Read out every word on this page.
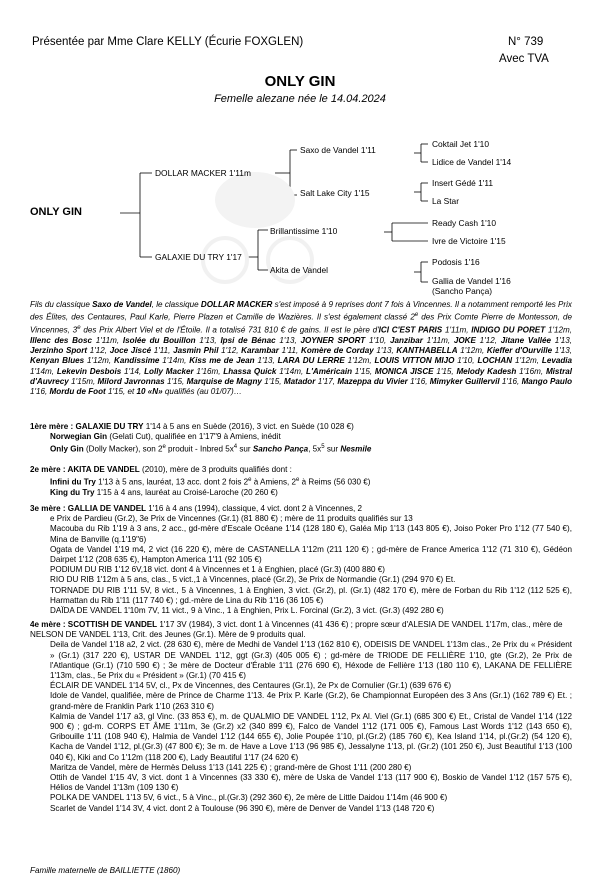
Présentée par Mme Clare KELLY (Écurie FOXGLEN)	N° 739
Avec TVA
ONLY GIN
Femelle alezane née le 14.04.2024
ONLY GIN
DOLLAR MACKER 1'11m
GALAXIE DU TRY 1'17
Saxo de Vandel 1'11
Salt Lake City 1'15
Brillantissime 1'10
Akita de Vandel
Coktail Jet 1'10
Lidice de Vandel 1'14
Insert Gédé 1'11
La Star
Ready Cash 1'10
Ivre de Victoire 1'15
Podosis 1'16
Gallia de Vandel 1'16
(Sancho Pança)
Fils du classique Saxo de Vandel, le classique DOLLAR MACKER s'est imposé à 9 reprises dont 7 fois à Vincennes. Il a notamment remporté les Prix des Élites, des Centaures, Paul Karle, Pierre Plazen et Camille de Wazières. Il s'est également classé 2e des Prix Comte Pierre de Montesson, de Vincennes, 3e des Prix Albert Viel et de l'Étoile. Il a totalisé 731 810 € de gains. Il est le père d'ICI C'EST PARIS 1'11m, INDIGO DU PORET 1'12m, Illenc des Bosc 1'11m, Isolée du Bouillon 1'13, Ipsi de Bénac 1'13, JOYNER SPORT 1'10, Janzibar 1'11m, JOKE 1'12, Jitane Vallée 1'13, Jerzinho Sport 1'12, Joce Jiscé 1'11, Jasmin Phil 1'12, Karambar 1'11, Komère de Corday 1'13, KANTHABELLA 1'12m, Kieffer d'Ourville 1'13, Kenyan Blues 1'12m, Kandissime 1'14m, Kiss me de Jean 1'13, LARA DU LERRE 1'12m, LOUIS VITTON MIJO 1'10, LOCHAN 1'12m, Levadia 1'14m, Lekevin Desbois 1'14, Lolly Macker 1'16m, Lhassa Quick 1'14m, L'Américain 1'15, MONICA JISCE 1'15, Melody Kadesh 1'16m, Mistral d'Auvrecy 1'15m, Milord Javronnas 1'15, Marquise de Magny 1'15, Matador 1'17, Mazeppa du Vivier 1'16, Mimyker Guillervil 1'16, Mango Paulo 1'16, Mordu de Foot 1'15, et 10 «N» qualifiés (au 01/07)…

1ère mère : GALAXIE DU TRY 1'14 à 5 ans en Suède (2016), 3 vict. en Suède (10 028 €)

Norwegian Gin (Gelati Cut), qualifiée en 1'17"9 à Amiens, inédit

Only Gin (Dolly Macker), son 2e produit - Inbred $5x^4$ sur Sancho Pança, $5x^5$ sur Nesmile

2e mère : AKITA DE VANDEL (2010), mère de 3 produits qualifiés dont :

Infini du Try 1'13 à 5 ans, lauréat, 13 acc. dont 2 fois 2e à Amiens, 2e à Reims (56 030 €)

King du Try 1'15 à 4 ans, lauréat au Croisé-Laroche (20 260 €)

3e mère : GALLIA DE VANDEL 1'16 à 4 ans (1994), classique, 4 vict. dont 2 à Vincennes, 2

e Prix de Pardieu (Gr.2), 3e Prix de Vincennes (Gr.1) (81 880 €) ; mère de 11 produits qualifiés sur 13

Macouba du Rib 1'19 à 3 ans, 2 acc., gd-mère d'Escale Océane 1'14 (128 180 €), Galéa Mip 1'13 (143 805 €), Joiso Poker Pro 1'12 (77 540 €), Mina de Banville (q.1'19"6)

Ogata de Vandel 1'19 m4, 2 vict (16 220 €), mère de CASTANELLA 1'12m (211 120 €) ; gd-mère de France America 1'12 (71 310 €), Gédéon Dairpet 1'12 (208 635 €), Hampton America 1'11 (92 105 €)

PODIUM DU RIB 1'12 6V,18 vict. dont 4 à Vincennes et 1 à Enghien, placé (Gr.3) (400 880 €)

RIO DU RIB 1'12m à 5 ans, clas., 5 vict.,1 à Vincennes, placé (Gr.2), 3e Prix de Normandie (Gr.1) (294 970 €) Et.

TORNADE DU RIB 1'11 5V, 8 vict., 5 à Vincennes, 1 à Enghien, 3 vict. (Gr.2), pl. (Gr.1) (482 170 €), mère de Forban du Rib 1'12 (112 525 €), Harmattan du Rib 1'11 (117 740 €) ; gd.-mère de Lina du Rib 1'16 (36 105 €)

DAÏDA DE VANDEL 1'10m 7V, 11 vict., 9 à Vinc., 1 à Enghien, Prix L. Forcinal (Gr.2), 3 vict. (Gr.3) (492 280 €)

4e mère : SCOTTISH DE VANDEL 1'17 3V (1984), 3 vict. dont 1 à Vincennes (41 436 €) ; propre sœur d'ALESIA DE VANDEL 1'17m, clas., mère de NELSON DE VANDEL 1'13, Crit. des Jeunes (Gr.1). Mère de 9 produits qual.

Deila de Vandel 1'18 a2, 2 vict. (28 630 €), mère de Medhi de Vandel 1'13 (162 810 €), ODEISIS DE VANDEL 1'13m clas., 2e Prix du « Président » (Gr.1) (317 220 €), USTAR DE VANDEL 1'12, ggt (Gr.3) (405 005 €) ; gd-mère de TRIODE DE FELLIÈRE 1'10, gte (Gr.2), 2e Prix de l'Atlantique (Gr.1) (710 590 €) ; 3e mère de Docteur d'Érable 1'11 (276 690 €), Héxode de Fellière 1'13 (180 110 €), LAKANA DE FELLIÈRE 1'13m, clas., 5e Prix du « Président » (Gr.1) (70 415 €)

ÉCLAIR DE VANDEL 1'14 5V, cl., Px de Vincennes, des Centaures (Gr.1), 2e Px de Cornulier (Gr.1) (639 676 €)

Idole de Vandel, qualifiée, mère de Prince de Charme 1'13. 4e Prix P. Karle (Gr.2), 6e Championnat Européen des 3 Ans (Gr.1) (162 789 €) Et. ; grand-mère de Franklin Park 1'10 (263 310 €)

Kalmia de Vandel 1'17 a3, gl Vinc. (33 853 €), m. de QUALMIO DE VANDEL 1'12, Px Al. Viel (Gr.1) (685 300 €) Et., Cristal de Vandel 1'14 (122 900 €) ; gd-m. CORPS ET ÂME 1'11m, 3e (Gr.2) x2 (340 899 €), Falco de Vandel 1'12 (171 005 €), Famous Last Words 1'12 (143 650 €), Gribouille 1'11 (108 940 €), Halmia de Vandel 1'12 (144 655 €), Jolie Poupée 1'10, pl.(Gr.2) (185 760 €), Kea Island 1'14, pl.(Gr.2) (54 120 €), Kacha de Vandel 1'12, pl.(Gr.3) (47 800 €); 3e m. de Have a Love 1'13 (96 985 €), Jessalyne 1'13, pl. (Gr.2) (101 250 €), Just Beautiful 1'13 (100 040 €), Kiki and Co 1'12m (118 200 €), Lady Beautiful 1'17 (24 620 €)

Maritza de Vandel, mère de Hermès Deluss 1'13 (141 225 €) ; grand-mère de Ghost 1'11 (200 280 €)

Ottih de Vandel 1'15 4V, 3 vict. dont 1 à Vincennes (33 330 €), mère de Uska de Vandel 1'13 (117 900 €), Boskio de Vandel 1'12 (157 575 €), Hélios de Vandel 1'13m (109 130 €)

POLKA DE VANDEL 1'13 5V, 6 vict., 5 à Vinc., pl.(Gr.3) (292 360 €), 2e mère de Little Daidou 1'14m (46 900 €)

Scarlet de Vandel 1'14 3V, 4 vict. dont 2 à Toulouse (96 390 €), mère de Denver de Vandel 1'13 (148 720 €)

Famille maternelle de BAILLIETTE (1860)
